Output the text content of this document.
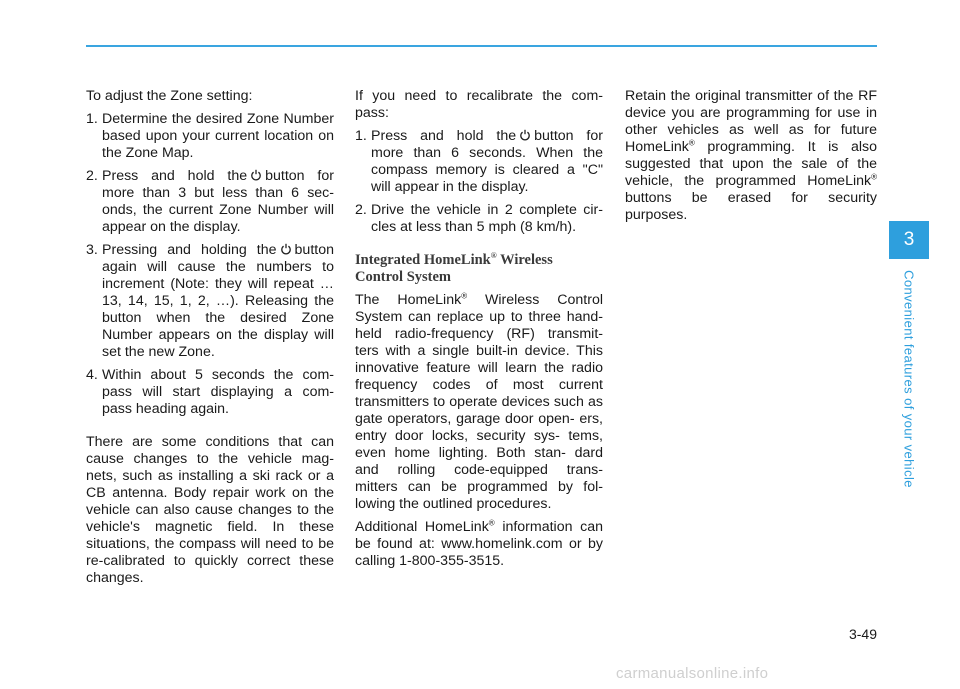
To adjust the Zone setting:

1. Determine the desired Zone Number based upon your current location on the Zone Map.
2. Press and hold the button for more than 3 but less than 6 sec- onds, the current Zone Number will appear on the display.
3. Pressing and holding the button again will cause the numbers to increment (Note: they will repeat …13, 14, 15, 1, 2, …). Releasing the button when the desired Zone Number appears on the display will set the new Zone.
4. Within about 5 seconds the com- pass will start displaying a com- pass heading again.

There are some conditions that can cause changes to the vehicle mag- nets, such as installing a ski rack or a CB antenna. Body repair work on the vehicle can also cause changes to the vehicle's magnetic field. In these situations, the compass will need to be re-calibrated to quickly correct these changes.

If you need to recalibrate the com- pass:

1. Press and hold the button for more than 6 seconds. When the compass memory is cleared a "C" will appear in the display.
2. Drive the vehicle in 2 complete cir- cles at less than 5 mph (8 km/h).
Integrated HomeLink® Wireless Control System

The HomeLink® Wireless Control System can replace up to three hand- held radio-frequency (RF) transmit- ters with a single built-in device. This innovative feature will learn the radio frequency codes of most current transmitters to operate devices such as gate operators, garage door open- ers, entry door locks, security sys- tems, even home lighting. Both stan- dard and rolling code-equipped trans- mitters can be programmed by fol- lowing the outlined procedures.

Additional HomeLink® information can be found at: www.homelink.com or by calling 1-800-355-3515.

Retain the original transmitter of the RF device you are programming for use in other vehicles as well as for future HomeLink® programming. It is also suggested that upon the sale of the vehicle, the programmed HomeLink® buttons be erased for security purposes.

3
Convenient features of your vehicle
3-49
carmanualsonline.info
